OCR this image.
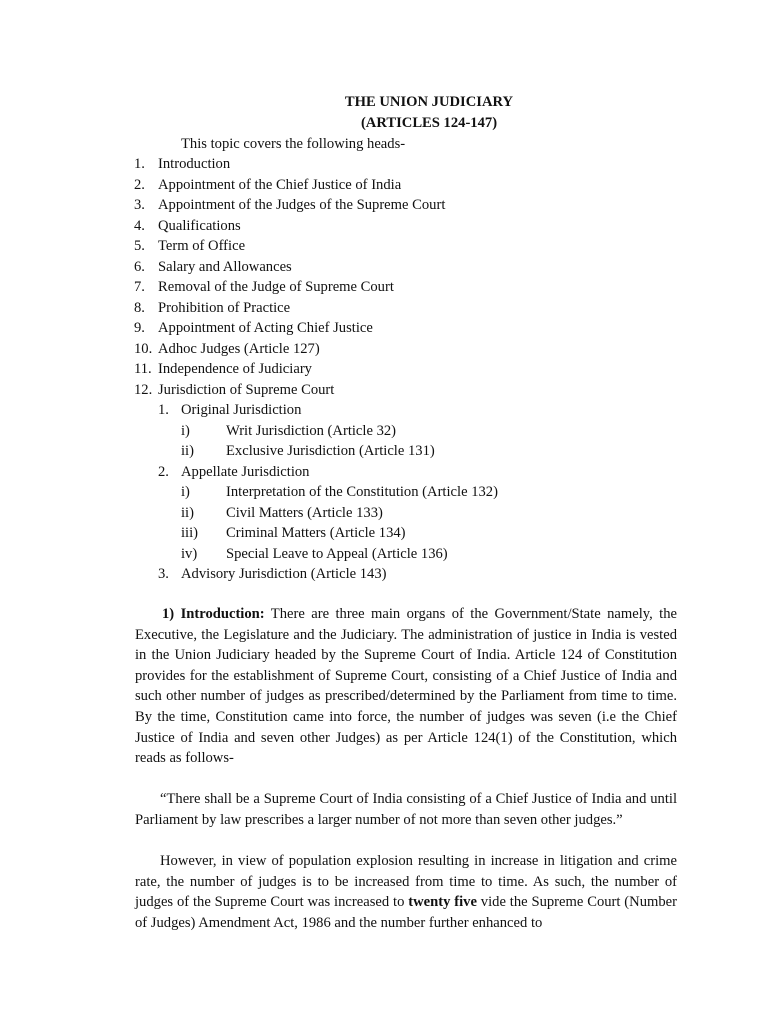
THE UNION JUDICIARY
(ARTICLES 124-147)
This topic covers the following heads-
1. Introduction
2. Appointment of the Chief Justice of India
3. Appointment of the Judges of the Supreme Court
4. Qualifications
5. Term of Office
6. Salary and Allowances
7. Removal of the Judge of Supreme Court
8. Prohibition of Practice
9. Appointment of Acting Chief Justice
10. Adhoc Judges (Article 127)
11. Independence of Judiciary
12. Jurisdiction of Supreme Court
1. Original Jurisdiction
i) Writ Jurisdiction (Article 32)
ii) Exclusive Jurisdiction (Article 131)
2. Appellate Jurisdiction
i) Interpretation of the Constitution (Article 132)
ii) Civil Matters (Article 133)
iii) Criminal Matters (Article 134)
iv) Special Leave to Appeal (Article 136)
3. Advisory Jurisdiction (Article 143)

1) Introduction: There are three main organs of the Government/State namely, the Executive, the Legislature and the Judiciary. The administration of justice in India is vested in the Union Judiciary headed by the Supreme Court of India. Article 124 of Constitution provides for the establishment of Supreme Court, consisting of a Chief Justice of India and such other number of judges as prescribed/determined by the Parliament from time to time. By the time, Constitution came into force, the number of judges was seven (i.e the Chief Justice of India and seven other Judges) as per Article 124(1) of the Constitution, which reads as follows-

“There shall be a Supreme Court of India consisting of a Chief Justice of India and until Parliament by law prescribes a larger number of not more than seven other judges.”

However, in view of population explosion resulting in increase in litigation and crime rate, the number of judges is to be increased from time to time. As such, the number of judges of the Supreme Court was increased to twenty five vide the Supreme Court (Number of Judges) Amendment Act, 1986 and the number further enhanced to
